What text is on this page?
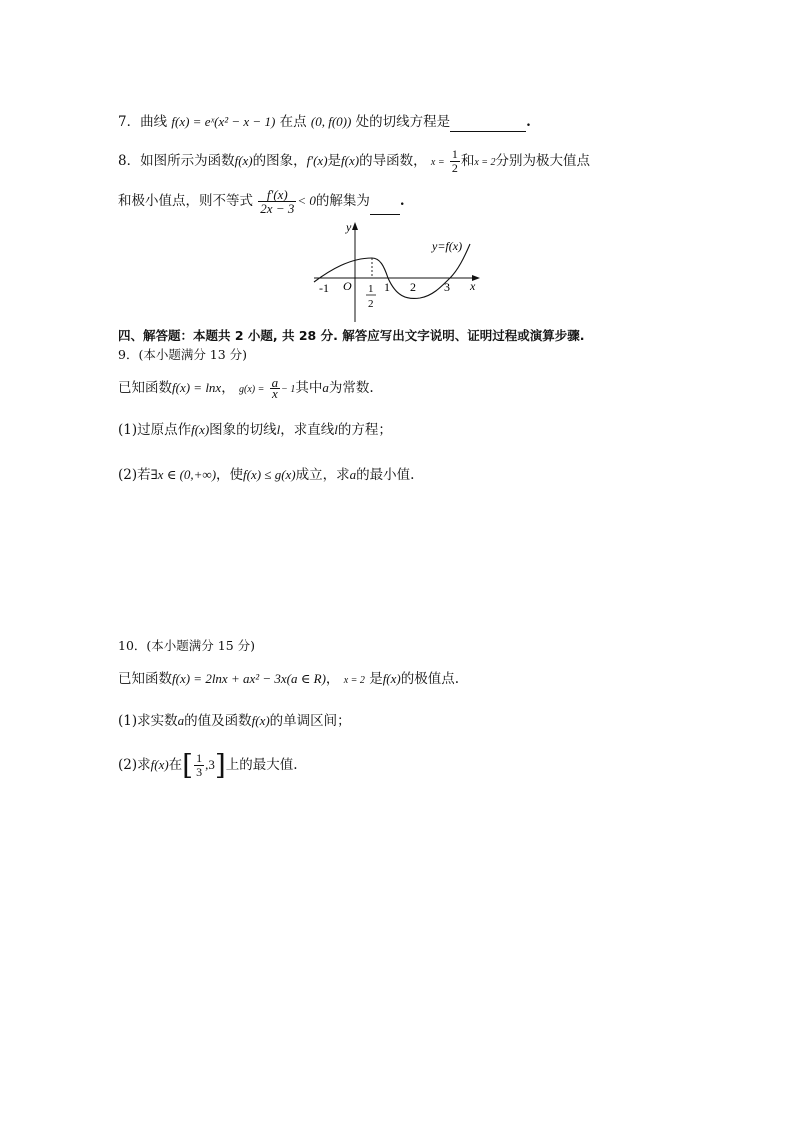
7．曲线 f(x) = eˣ(x² − x − 1) 在点 (0, f(0)) 处的切线方程是	.
8．如图所示为函数f(x)的图象，f′(x)是f(x)的导函数， $x = \frac{1}{2}$ 和x = 2分别为极大值点
和极小值点，则不等式 $\frac{f'(x)}{2x - 3} < 0$的解集为 .
-1 O 1
2
1 2 3 x
y
y=f(x)
四、解答题：本题共 2 小题, 共 28 分. 解答应写出文字说明、证明过程或演算步骤.
9．(本小题满分 13 分)
已知函数f(x) = lnx， $g(x) = \frac{a}{x} - 1$其中a为常数.
(1)过原点作f(x)图象的切线l，求直线l的方程；
(2)若∃x ∈ (0,+∞)，使f(x) ≤ g(x)成立，求a的最小值.
10．(本小题满分 15 分)
已知函数f(x) = 2lnx + ax² − 3x(a ∈ R)， x = 2 是f(x)的极值点.
(1)求实数a的值及函数f(x)的单调区间；
(2)求f(x)在[ $\frac{1}{3} ,3$]上的最大值.
